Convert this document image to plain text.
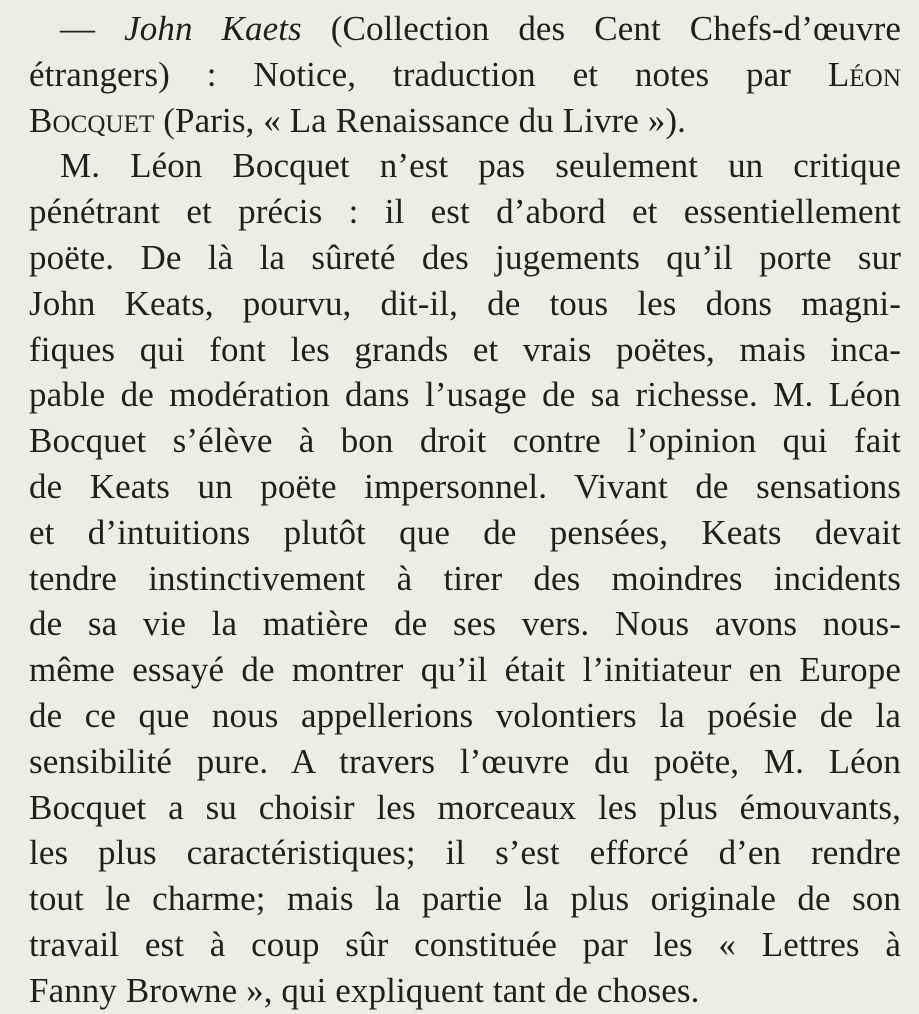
— John Kaets (Collection des Cent Chefs-d’œuvre
étrangers) : Notice, traduction et notes par Léon
Bocquet (Paris, « La Renaissance du Livre »).
M. Léon Bocquet n’est pas seulement un critique
pénétrant et précis : il est d’abord et essentiellement
poëte. De là la sûreté des jugements qu’il porte sur
John Keats, pourvu, dit-il, de tous les dons magni-
fiques qui font les grands et vrais poëtes, mais inca-
pable de modération dans l’usage de sa richesse. M. Léon
Bocquet s’élève à bon droit contre l’opinion qui fait
de Keats un poëte impersonnel. Vivant de sensations
et d’intuitions plutôt que de pensées, Keats devait
tendre instinctivement à tirer des moindres incidents
de sa vie la matière de ses vers. Nous avons nous-
même essayé de montrer qu’il était l’initiateur en Europe
de ce que nous appellerions volontiers la poésie de la
sensibilité pure. A travers l’œuvre du poëte, M. Léon
Bocquet a su choisir les morceaux les plus émouvants,
les plus caractéristiques; il s’est efforcé d’en rendre
tout le charme; mais la partie la plus originale de son
travail est à coup sûr constituée par les « Lettres à
Fanny Browne », qui expliquent tant de choses.
